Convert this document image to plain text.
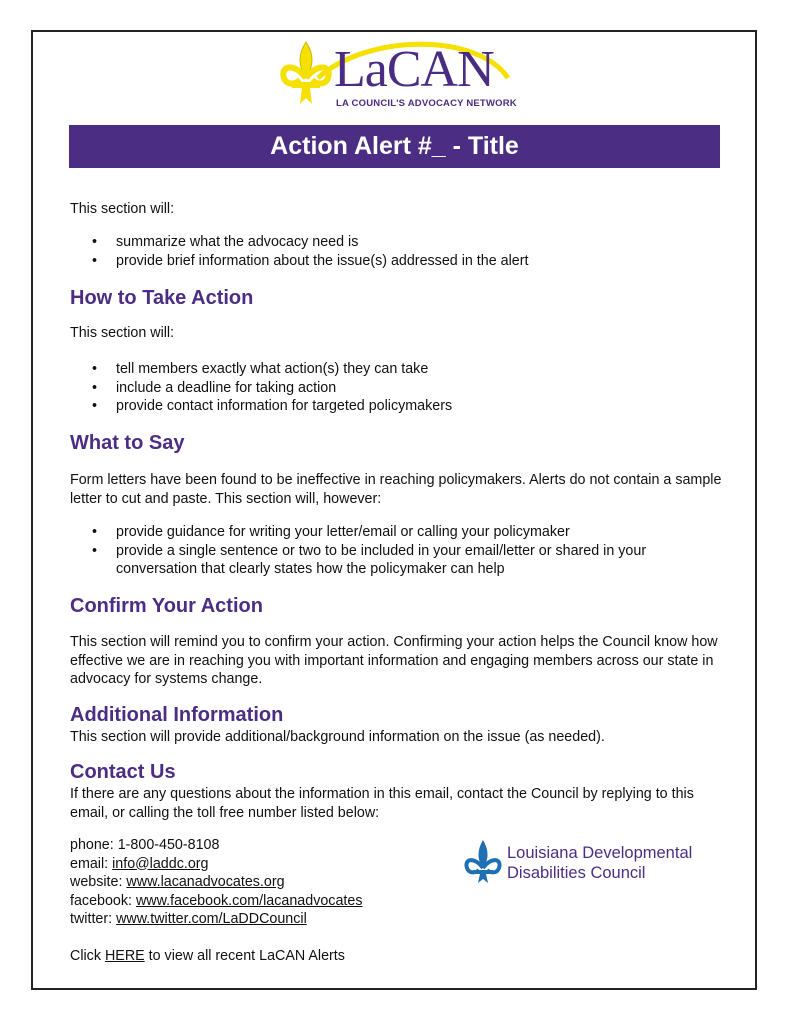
LaCAN
LA COUNCIL'S ADVOCACY NETWORK
Action Alert #_ - Title
This section will:
• summarize what the advocacy need is
• provide brief information about the issue(s) addressed in the alert
How to Take Action
This section will:
• tell members exactly what action(s) they can take
• include a deadline for taking action
• provide contact information for targeted policymakers
What to Say
Form letters have been found to be ineffective in reaching policymakers. Alerts do not contain a sample letter to cut and paste. This section will, however:
• provide guidance for writing your letter/email or calling your policymaker
• provide a single sentence or two to be included in your email/letter or shared in your conversation that clearly states how the policymaker can help
Confirm Your Action
This section will remind you to confirm your action. Confirming your action helps the Council know how effective we are in reaching you with important information and engaging members across our state in advocacy for systems change.
Additional Information
This section will provide additional/background information on the issue (as needed).
Contact Us
If there are any questions about the information in this email, contact the Council by replying to this email, or calling the toll free number listed below:
phone: 1-800-450-8108
email: info@laddc.org
website: www.lacanadvocates.org
facebook: www.facebook.com/lacanadvocates
twitter: www.twitter.com/LaDDCouncil
Click HERE to view all recent LaCAN Alerts
Louisiana Developmental
Disabilities Council
